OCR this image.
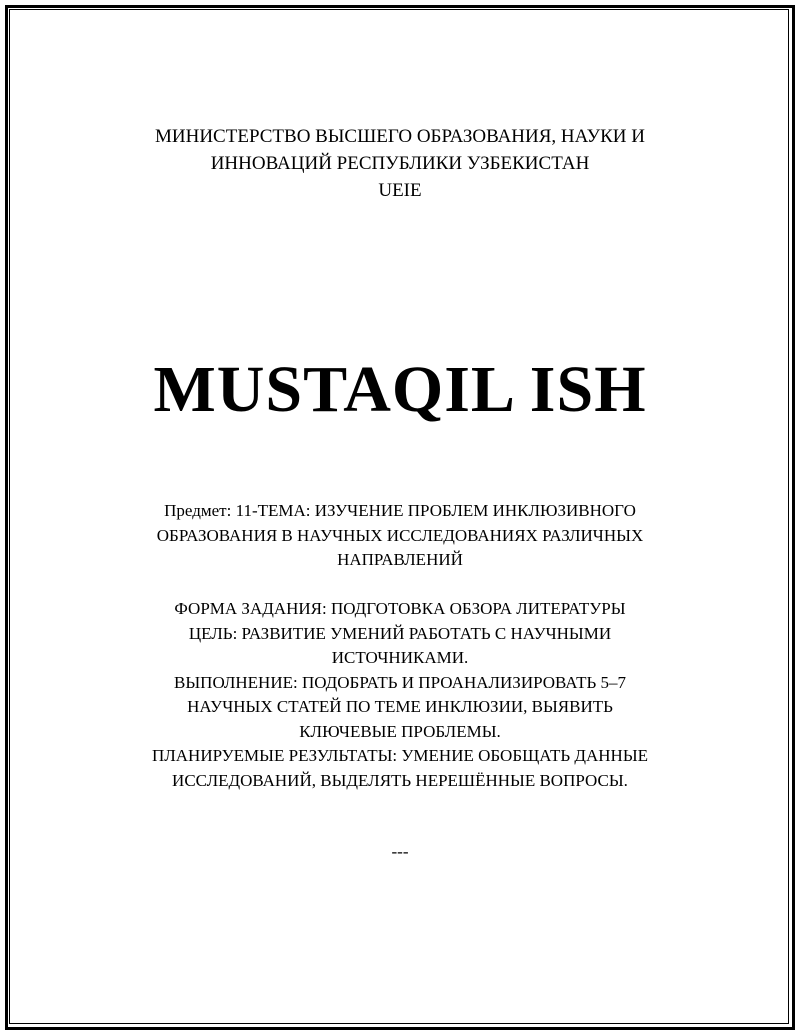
МИНИСТЕРСТВО ВЫСШЕГО ОБРАЗОВАНИЯ, НАУКИ И
ИННОВАЦИЙ РЕСПУБЛИКИ УЗБЕКИСТАН
UEIE
MUSTAQIL ISH
Предмет: 11-ТЕМА: ИЗУЧЕНИЕ ПРОБЛЕМ ИНКЛЮЗИВНОГО
ОБРАЗОВАНИЯ В НАУЧНЫХ ИССЛЕДОВАНИЯХ РАЗЛИЧНЫХ
НАПРАВЛЕНИЙ
ФОРМА ЗАДАНИЯ: ПОДГОТОВКА ОБЗОРА ЛИТЕРАТУРЫ
ЦЕЛЬ: РАЗВИТИЕ УМЕНИЙ РАБОТАТЬ С НАУЧНЫМИ
ИСТОЧНИКАМИ.
ВЫПОЛНЕНИЕ: ПОДОБРАТЬ И ПРОАНАЛИЗИРОВАТЬ 5–7
НАУЧНЫХ СТАТЕЙ ПО ТЕМЕ ИНКЛЮЗИИ, ВЫЯВИТЬ
КЛЮЧЕВЫЕ ПРОБЛЕМЫ.
ПЛАНИРУЕМЫЕ РЕЗУЛЬТАТЫ: УМЕНИЕ ОБОБЩАТЬ ДАННЫЕ
ИССЛЕДОВАНИЙ, ВЫДЕЛЯТЬ НЕРЕШЁННЫЕ ВОПРОСЫ.
---
